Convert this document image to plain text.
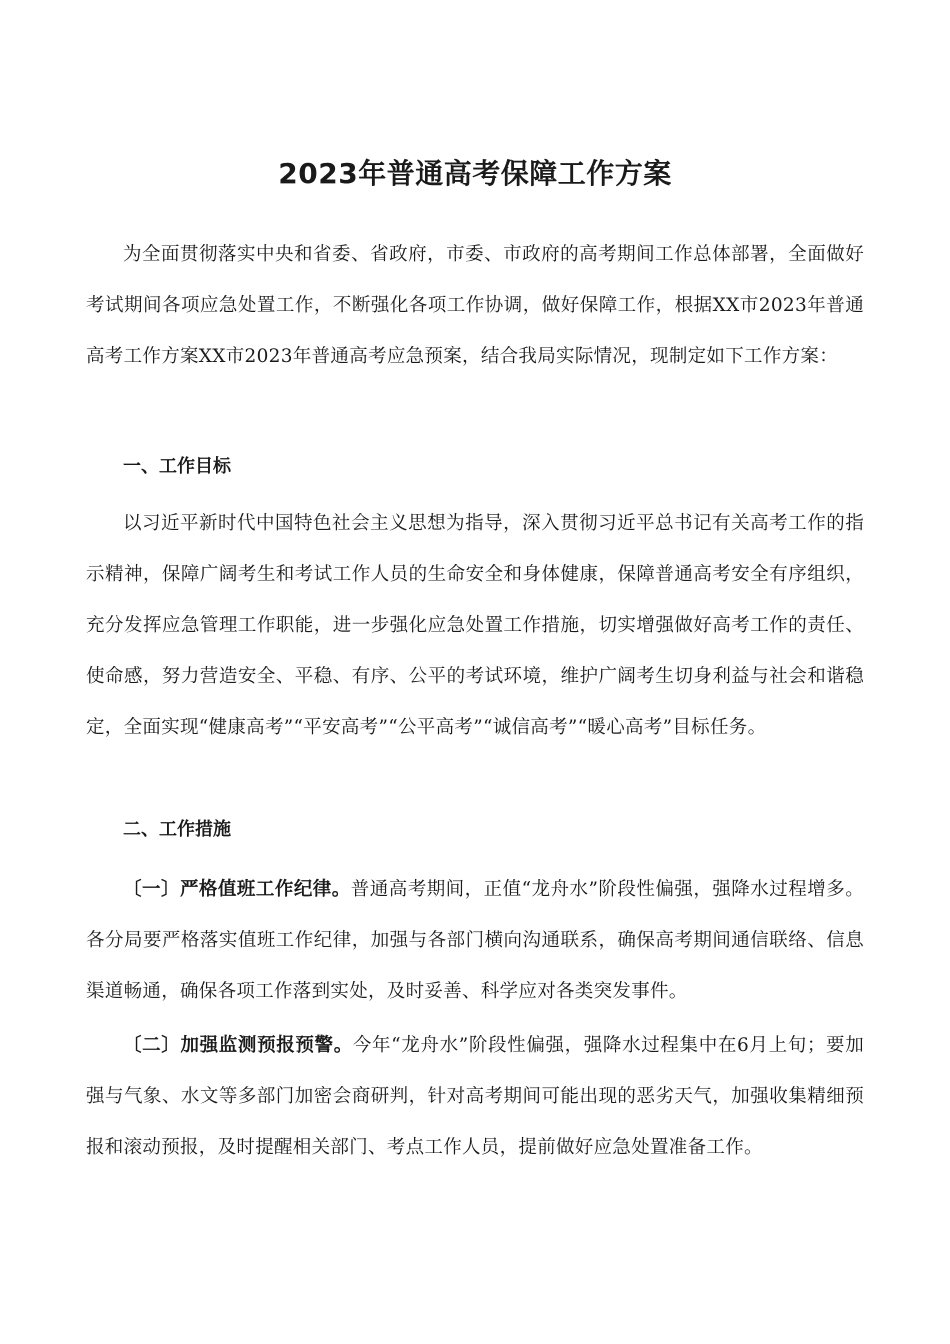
2023年普通高考保障工作方案

为全面贯彻落实中央和省委、省政府，市委、市政府的高考期间工作总体部署，全面做好考试期间各项应急处置工作，不断强化各项工作协调，做好保障工作，根据XX市2023年普通高考工作方案XX市2023年普通高考应急预案，结合我局实际情况，现制定如下工作方案：

一、工作目标

以习近平新时代中国特色社会主义思想为指导，深入贯彻习近平总书记有关高考工作的指示精神，保障广阔考生和考试工作人员的生命安全和身体健康，保障普通高考安全有序组织，充分发挥应急管理工作职能，进一步强化应急处置工作措施，切实增强做好高考工作的责任、使命感，努力营造安全、平稳、有序、公平的考试环境，维护广阔考生切身利益与社会和谐稳定，全面实现“健康高考”“平安高考”“公平高考”“诚信高考”“暖心高考”目标任务。

二、工作措施

〔一〕严格值班工作纪律。普通高考期间，正值“龙舟水”阶段性偏强，强降水过程增多。各分局要严格落实值班工作纪律，加强与各部门横向沟通联系，确保高考期间通信联络、信息渠道畅通，确保各项工作落到实处，及时妥善、科学应对各类突发事件。

〔二〕加强监测预报预警。今年“龙舟水”阶段性偏强，强降水过程集中在6月上旬；要加强与气象、水文等多部门加密会商研判，针对高考期间可能出现的恶劣天气，加强收集精细预报和滚动预报，及时提醒相关部门、考点工作人员，提前做好应急处置准备工作。
